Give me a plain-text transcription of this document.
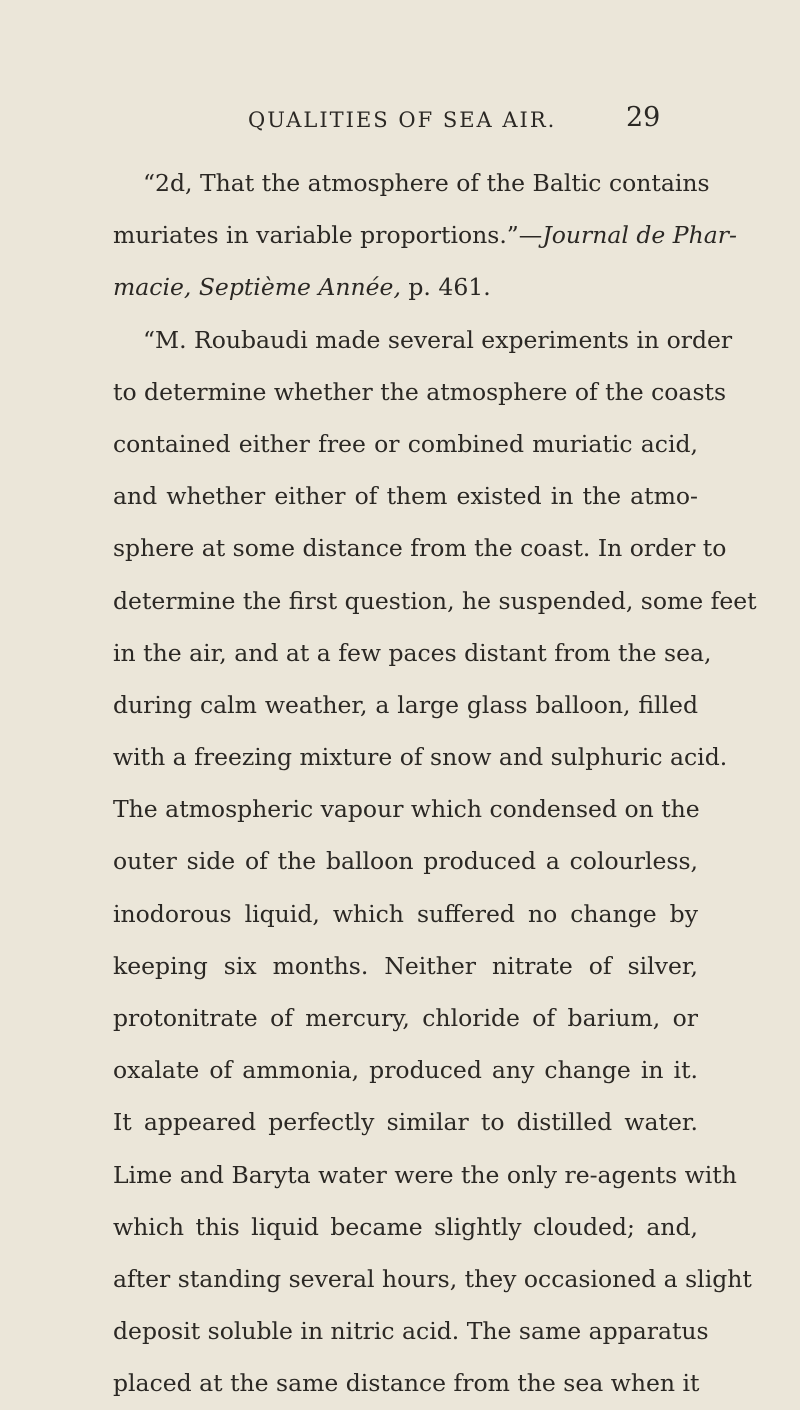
QUALITIES OF SEA AIR.	29
“2d, That the atmosphere of the Baltic contains
muriates in variable proportions.”—Journal de Phar-
macie, Septième Année, p. 461.
“M. Roubaudi made several experiments in order
to determine whether the atmosphere of the coasts
contained either free or combined muriatic acid,
and whether either of them existed in the atmo-
sphere at some distance from the coast. In order to
determine the first question, he suspended, some feet
in the air, and at a few paces distant from the sea,
during calm weather, a large glass balloon, filled
with a freezing mixture of snow and sulphuric acid.
The atmospheric vapour which condensed on the
outer side of the balloon produced a colourless,
inodorous liquid, which suffered no change by
keeping six months. Neither nitrate of silver,
protonitrate of mercury, chloride of barium, or
oxalate of ammonia, produced any change in it.
It appeared perfectly similar to distilled water.
Lime and Baryta water were the only re-agents with
which this liquid became slightly clouded; and,
after standing several hours, they occasioned a slight
deposit soluble in nitric acid. The same apparatus
placed at the same distance from the sea when it
